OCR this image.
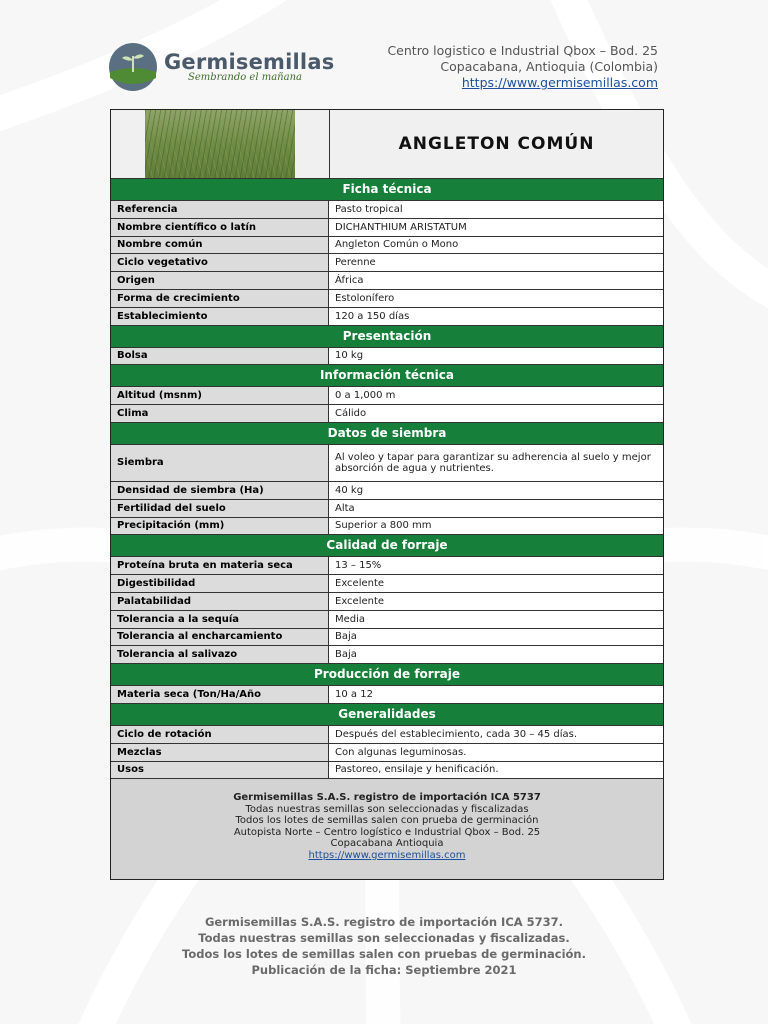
Germisemillas
Sembrando el mañana
Centro logistico e Industrial Qbox – Bod. 25
Copacabana, Antioquia (Colombia)
https://www.germisemillas.com
ANGLETON COMÚN
Ficha técnica
Referencia	Pasto tropical
Nombre científico o latín	DICHANTHIUM ARISTATUM
Nombre común	Angleton Común o Mono
Ciclo vegetativo	Perenne
Origen	África
Forma de crecimiento	Estolonífero
Establecimiento	120 a 150 días
Presentación
Bolsa	10 kg
Información técnica
Altitud (msnm)	0 a 1,000 m
Clima	Cálido
Datos de siembra
Siembra	Al voleo y tapar para garantizar su adherencia al suelo y mejor absorción de agua y nutrientes.
Densidad de siembra (Ha)	40 kg
Fertilidad del suelo	Alta
Precipitación (mm)	Superior a 800 mm
Calidad de forraje
Proteína bruta en materia seca	13 – 15%
Digestibilidad	Excelente
Palatabilidad	Excelente
Tolerancia a la sequía	Media
Tolerancia al encharcamiento	Baja
Tolerancia al salivazo	Baja
Producción de forraje
Materia seca (Ton/Ha/Año	10 a 12
Generalidades
Ciclo de rotación	Después del establecimiento, cada 30 – 45 días.
Mezclas	Con algunas leguminosas.
Usos	Pastoreo, ensilaje y henificación.
Germisemillas S.A.S. registro de importación ICA 5737
Todas nuestras semillas son seleccionadas y fiscalizadas
Todos los lotes de semillas salen con prueba de germinación
Autopista Norte – Centro logístico e Industrial Qbox – Bod. 25
Copacabana Antioquia
https://www.germisemillas.com
Germisemillas S.A.S. registro de importación ICA 5737.
Todas nuestras semillas son seleccionadas y fiscalizadas.
Todos los lotes de semillas salen con pruebas de germinación.
Publicación de la ficha: Septiembre 2021
